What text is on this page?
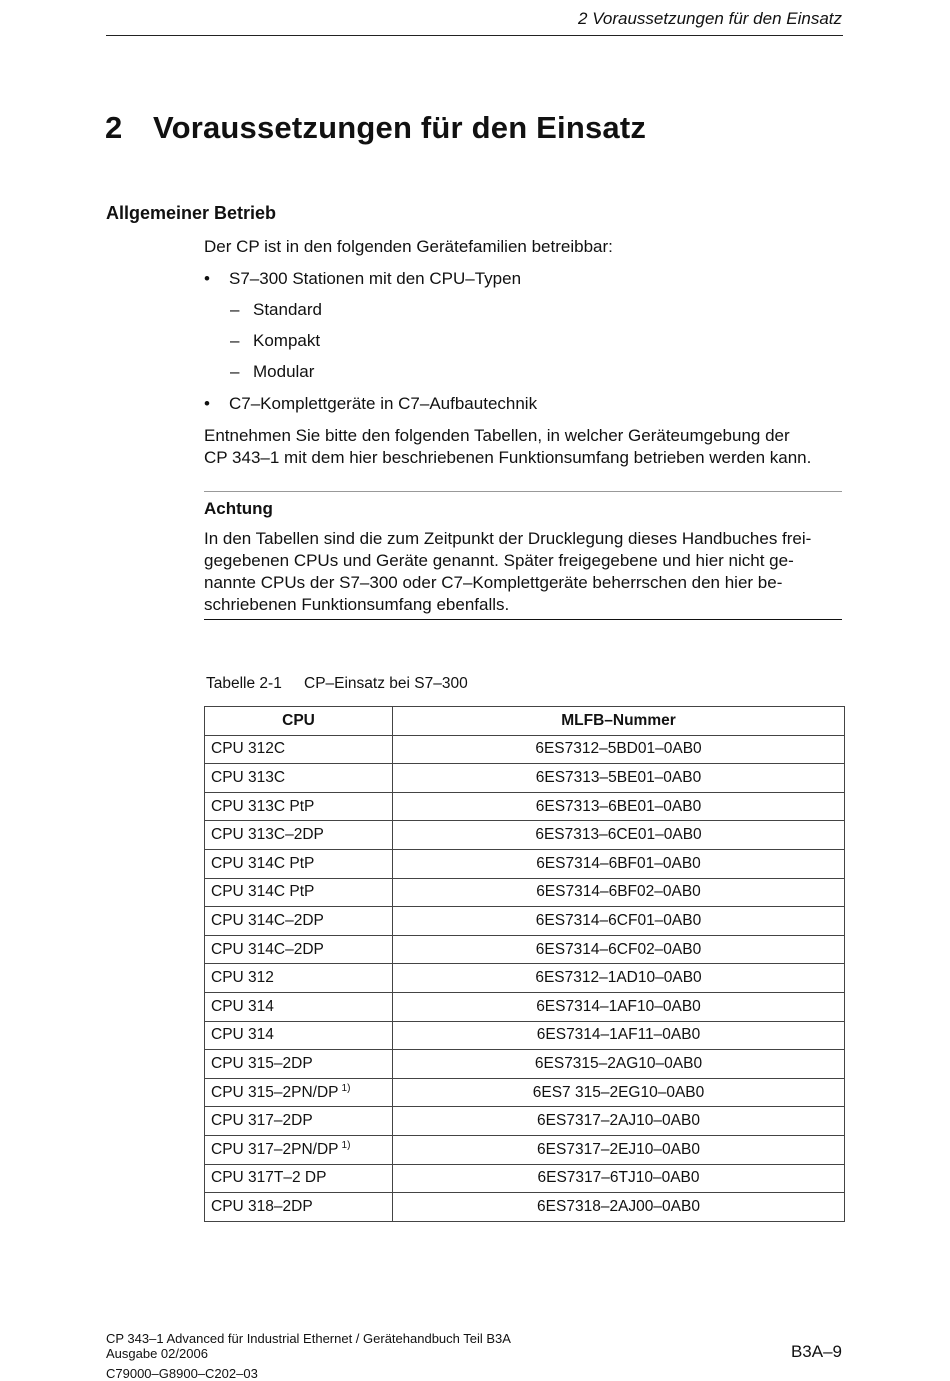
2 Voraussetzungen für den Einsatz
2 Voraussetzungen für den Einsatz
Allgemeiner Betrieb
Der CP ist in den folgenden Gerätefamilien betreibbar:
• S7–300 Stationen mit den CPU–Typen
– Standard
– Kompakt
– Modular
• C7–Komplettgeräte in C7–Aufbautechnik
Entnehmen Sie bitte den folgenden Tabellen, in welcher Geräteumgebung der
CP 343–1 mit dem hier beschriebenen Funktionsumfang betrieben werden kann.
Achtung
In den Tabellen sind die zum Zeitpunkt der Drucklegung dieses Handbuches frei-
gegebenen CPUs und Geräte genannt. Später freigegebene und hier nicht ge-
nannte CPUs der S7–300 oder C7–Komplettgeräte beherrschen den hier be-
schriebenen Funktionsumfang ebenfalls.
Tabelle 2-1 CP–Einsatz bei S7–300
CPU	MLFB–Nummer
CPU 312C	6ES7312–5BD01–0AB0
CPU 313C	6ES7313–5BE01–0AB0
CPU 313C PtP	6ES7313–6BE01–0AB0
CPU 313C–2DP	6ES7313–6CE01–0AB0
CPU 314C PtP	6ES7314–6BF01–0AB0
CPU 314C PtP	6ES7314–6BF02–0AB0
CPU 314C–2DP	6ES7314–6CF01–0AB0
CPU 314C–2DP	6ES7314–6CF02–0AB0
CPU 312	6ES7312–1AD10–0AB0
CPU 314	6ES7314–1AF10–0AB0
CPU 314	6ES7314–1AF11–0AB0
CPU 315–2DP	6ES7315–2AG10–0AB0
CPU 315–2PN/DP $^{1)}$	6ES7 315–2EG10–0AB0
CPU 317–2DP	6ES7317–2AJ10–0AB0
CPU 317–2PN/DP $^{1)}$	6ES7317–2EJ10–0AB0
CPU 317T–2 DP	6ES7317–6TJ10–0AB0
CPU 318–2DP	6ES7318–2AJ00–0AB0
CP 343–1 Advanced für Industrial Ethernet / Gerätehandbuch Teil B3A
Ausgabe 02/2006
C79000–G8900–C202–03
B3A–9
